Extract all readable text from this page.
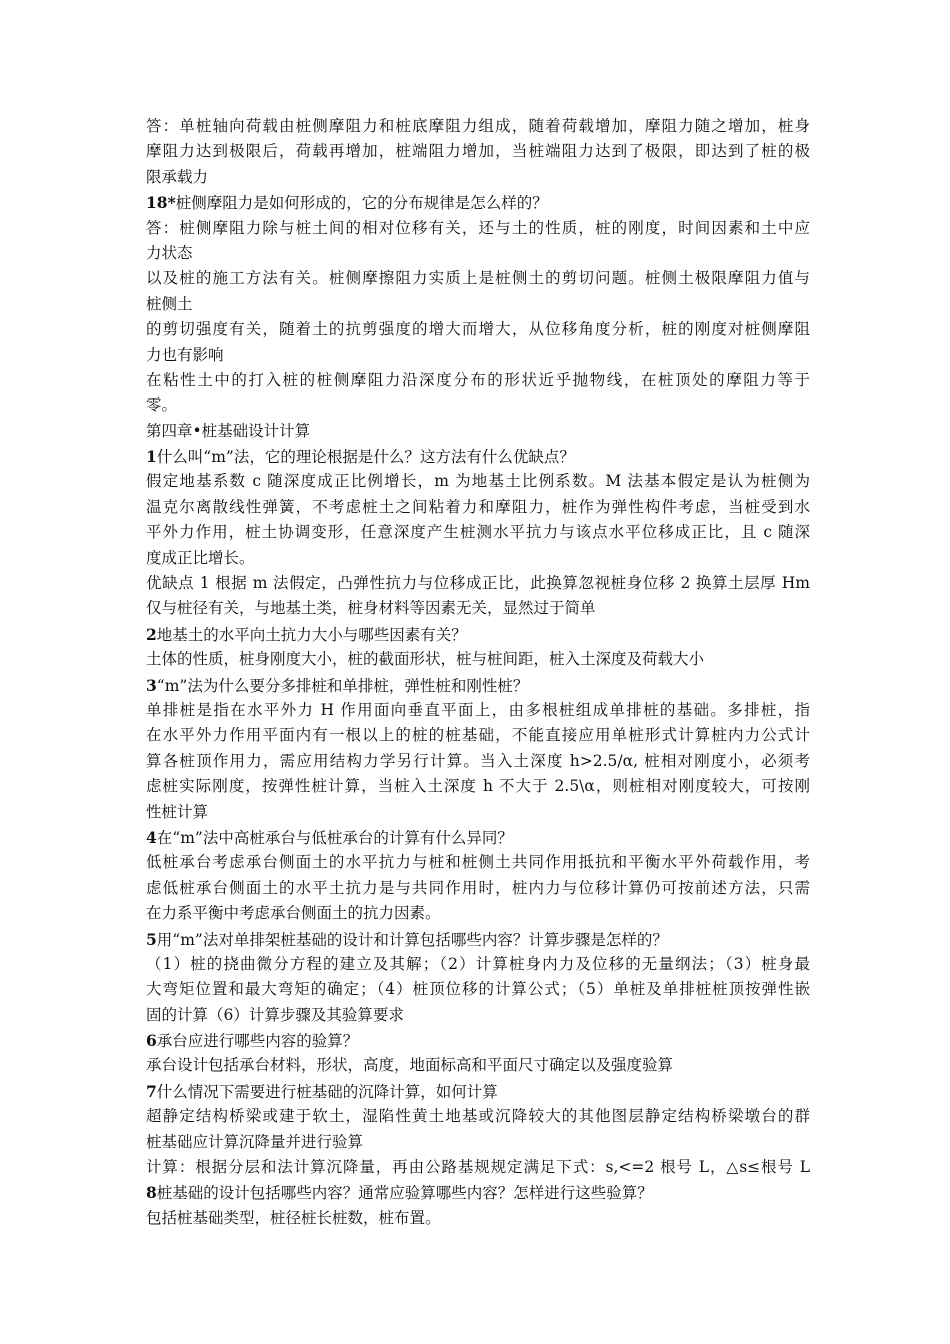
答：单桩轴向荷载由桩侧摩阻力和桩底摩阻力组成，随着荷载增加，摩阻力随之增加，桩身
摩阻力达到极限后，荷载再增加，桩端阻力增加，当桩端阻力达到了极限，即达到了桩的极
限承载力
18*桩侧摩阻力是如何形成的，它的分布规律是怎么样的？
答：桩侧摩阻力除与桩土间的相对位移有关，还与土的性质，桩的刚度，时间因素和土中应
力状态
以及桩的施工方法有关。桩侧摩擦阻力实质上是桩侧土的剪切问题。桩侧土极限摩阻力值与
桩侧土
的剪切强度有关，随着土的抗剪强度的增大而增大，从位移角度分析，桩的刚度对桩侧摩阻
力也有影响
在粘性土中的打入桩的桩侧摩阻力沿深度分布的形状近乎抛物线，在桩顶处的摩阻力等于
零。
第四章•桩基础设计计算
1什么叫“m”法，它的理论根据是什么？这方法有什么优缺点？
假定地基系数 c 随深度成正比例增长，m 为地基土比例系数。M 法基本假定是认为桩侧为
温克尔离散线性弹簧，不考虑桩土之间粘着力和摩阻力，桩作为弹性构件考虑，当桩受到水
平外力作用，桩土协调变形，任意深度产生桩测水平抗力与该点水平位移成正比，且 c 随深
度成正比增长。
优缺点 1 根据 m 法假定，凸弹性抗力与位移成正比，此换算忽视桩身位移 2 换算土层厚 Hm
仅与桩径有关，与地基土类，桩身材料等因素无关，显然过于简单
2地基土的水平向土抗力大小与哪些因素有关？
土体的性质，桩身刚度大小，桩的截面形状，桩与桩间距，桩入土深度及荷载大小
3“m”法为什么要分多排桩和单排桩，弹性桩和刚性桩？
单排桩是指在水平外力 H 作用面向垂直平面上，由多根桩组成单排桩的基础。多排桩，指
在水平外力作用平面内有一根以上的桩的桩基础，不能直接应用单桩形式计算桩内力公式计
算各桩顶作用力，需应用结构力学另行计算。当入土深度 h>2.5/α, 桩相对刚度小，必须考
虑桩实际刚度，按弹性桩计算，当桩入土深度 h 不大于 2.5\α，则桩相对刚度较大，可按刚
性桩计算
4在“m”法中高桩承台与低桩承台的计算有什么异同？
低桩承台考虑承台侧面土的水平抗力与桩和桩侧土共同作用抵抗和平衡水平外荷载作用，考
虑低桩承台侧面土的水平土抗力是与共同作用时，桩内力与位移计算仍可按前述方法，只需
在力系平衡中考虑承台侧面土的抗力因素。
5用“m”法对单排架桩基础的设计和计算包括哪些内容？计算步骤是怎样的？
（1）桩的挠曲微分方程的建立及其解；（2）计算桩身内力及位移的无量纲法；（3）桩身最
大弯矩位置和最大弯矩的确定；（4）桩顶位移的计算公式；（5）单桩及单排桩桩顶按弹性嵌
固的计算（6）计算步骤及其验算要求
6承台应进行哪些内容的验算？
承台设计包括承台材料，形状，高度，地面标高和平面尺寸确定以及强度验算
7什么情况下需要进行桩基础的沉降计算，如何计算
超静定结构桥梁或建于软土，湿陷性黄土地基或沉降较大的其他图层静定结构桥梁墩台的群
桩基础应计算沉降量并进行验算
计算：根据分层和法计算沉降量，再由公路基规规定满足下式：s,<=2 根号 L，△s≤根号 L
8桩基础的设计包括哪些内容？通常应验算哪些内容？怎样进行这些验算？
包括桩基础类型，桩径桩长桩数，桩布置。
